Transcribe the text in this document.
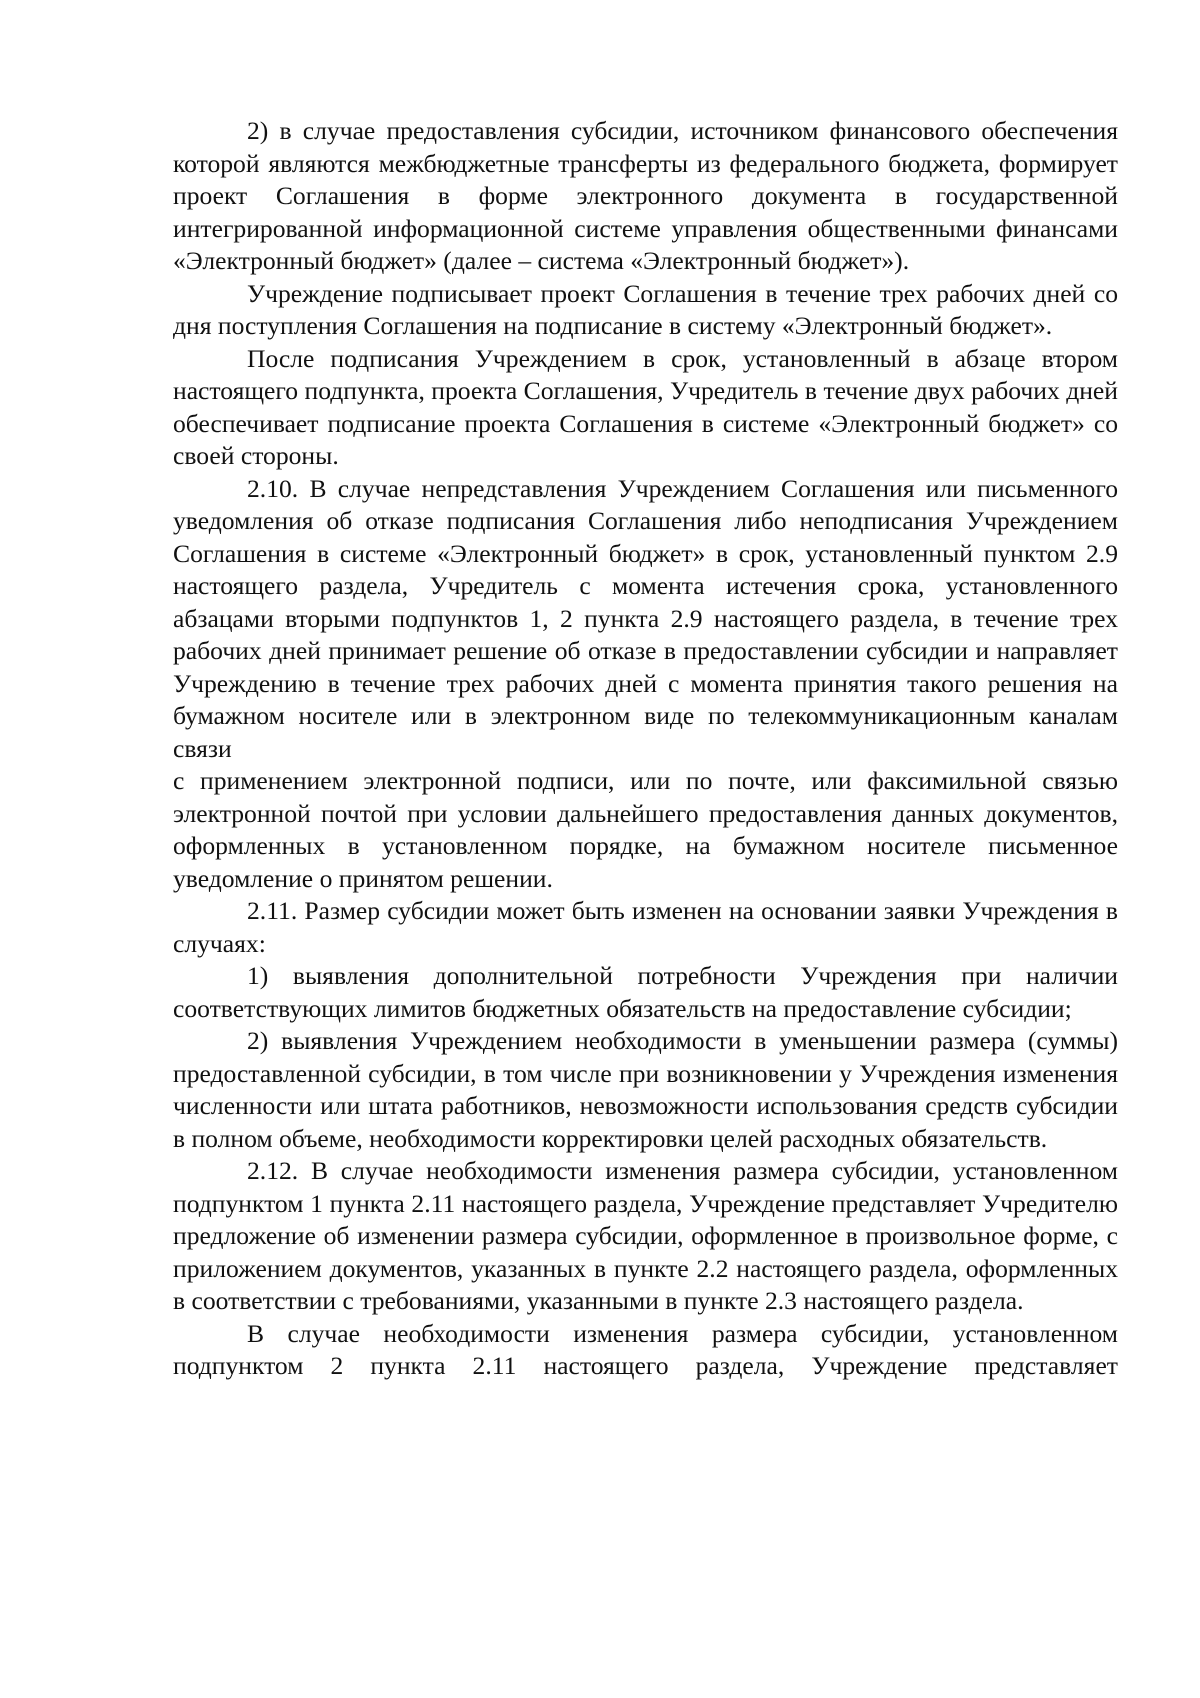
2) в случае предоставления субсидии, источником финансового обеспечения которой являются межбюджетные трансферты из федерального бюджета, формирует проект Соглашения в форме электронного документа в государственной интегрированной информационной системе управления общественными финансами «Электронный бюджет» (далее – система «Электронный бюджет»).

Учреждение подписывает проект Соглашения в течение трех рабочих дней со дня поступления Соглашения на подписание в систему «Электронный бюджет».

После подписания Учреждением в срок, установленный в абзаце втором настоящего подпункта, проекта Соглашения, Учредитель в течение двух рабочих дней обеспечивает подписание проекта Соглашения в системе «Электронный бюджет» со своей стороны.

2.10. В случае непредставления Учреждением Соглашения или письменного уведомления об отказе подписания Соглашения либо неподписания Учреждением Соглашения в системе «Электронный бюджет» в срок, установленный пунктом 2.9 настоящего раздела, Учредитель с момента истечения срока, установленного абзацами вторыми подпунктов 1, 2 пункта 2.9 настоящего раздела, в течение трех рабочих дней принимает решение об отказе в предоставлении субсидии и направляет Учреждению в течение трех рабочих дней с момента принятия такого решения на бумажном носителе или в электронном виде по телекоммуникационным каналам связи

с применением электронной подписи, или по почте, или факсимильной связью электронной почтой при условии дальнейшего предоставления данных документов, оформленных в установленном порядке, на бумажном носителе письменное уведомление о принятом решении.

2.11. Размер субсидии может быть изменен на основании заявки Учреждения в случаях:

1) выявления дополнительной потребности Учреждения при наличии соответствующих лимитов бюджетных обязательств на предоставление субсидии;

2) выявления Учреждением необходимости в уменьшении размера (суммы) предоставленной субсидии, в том числе при возникновении у Учреждения изменения численности или штата работников, невозможности использования средств субсидии в полном объеме, необходимости корректировки целей расходных обязательств.

2.12. В случае необходимости изменения размера субсидии, установленном подпунктом 1 пункта 2.11 настоящего раздела, Учреждение представляет Учредителю предложение об изменении размера субсидии, оформленное в произвольное форме, с приложением документов, указанных в пункте 2.2 настоящего раздела, оформленных в соответствии с требованиями, указанными в пункте 2.3 настоящего раздела.

В случае необходимости изменения размера субсидии, установленном подпунктом 2 пункта 2.11 настоящего раздела, Учреждение представляет
